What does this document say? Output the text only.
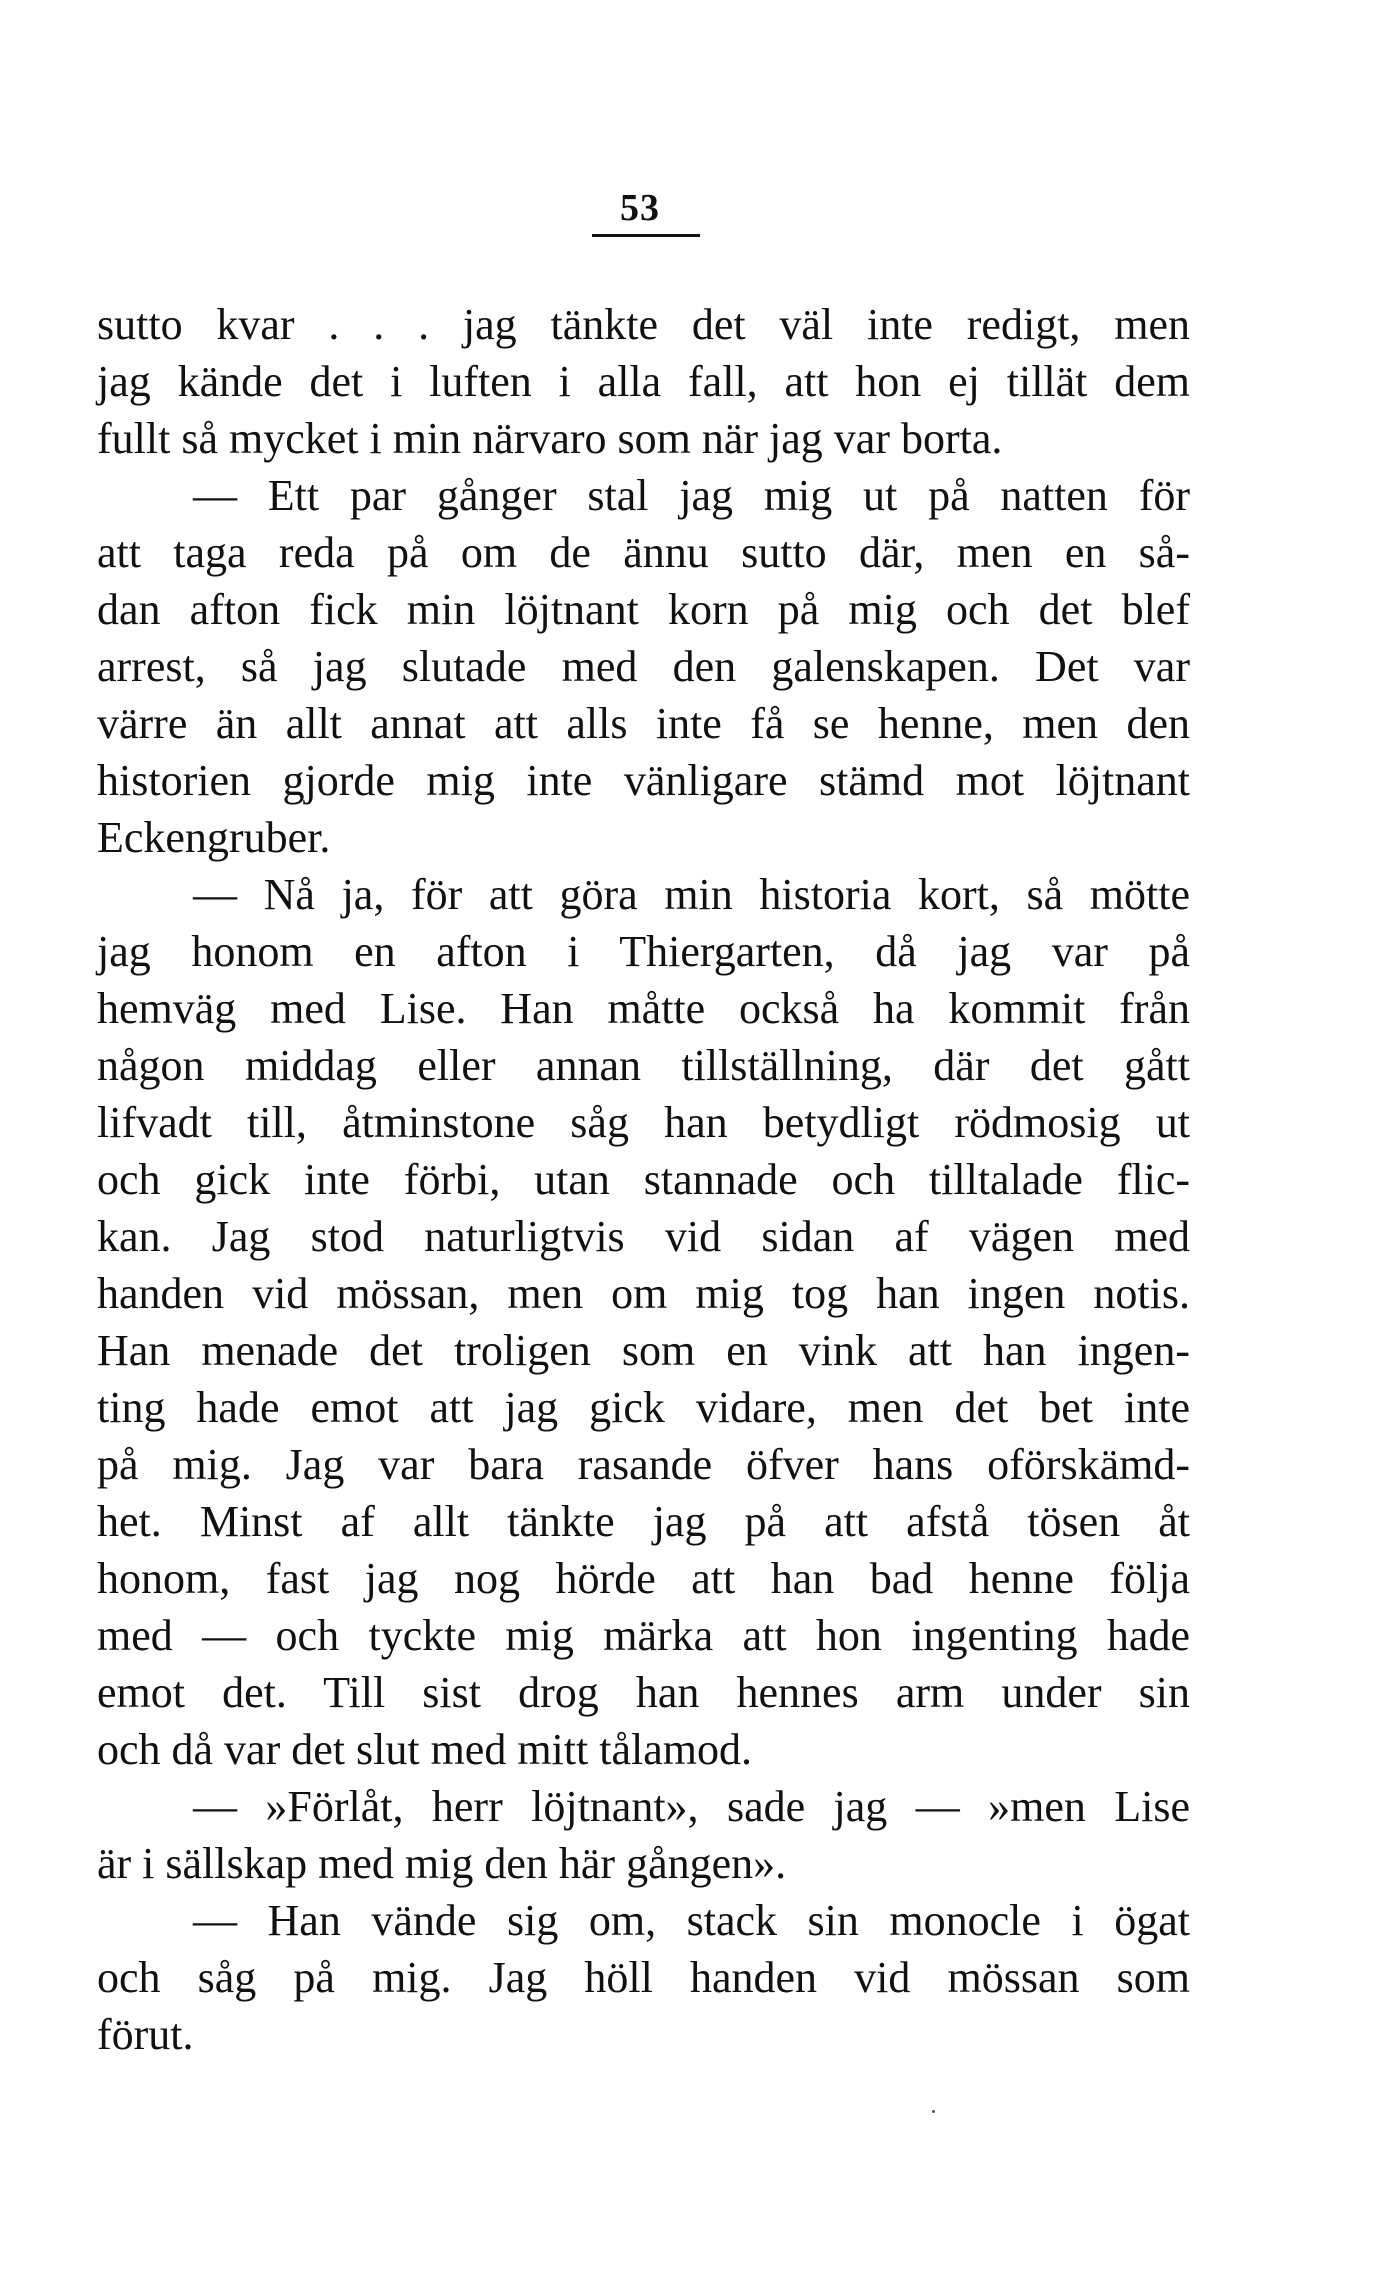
53
sutto kvar . . . jag tänkte det väl inte redigt, men
jag kände det i luften i alla fall, att hon ej tillät dem
fullt så mycket i min närvaro som när jag var borta.
— Ett par gånger stal jag mig ut på natten för
att taga reda på om de ännu sutto där, men en så-
dan afton fick min löjtnant korn på mig och det blef
arrest, så jag slutade med den galenskapen. Det var
värre än allt annat att alls inte få se henne, men den
historien gjorde mig inte vänligare stämd mot löjtnant
Eckengruber.
— Nå ja, för att göra min historia kort, så mötte
jag honom en afton i Thiergarten, då jag var på
hemväg med Lise. Han måtte också ha kommit från
någon middag eller annan tillställning, där det gått
lifvadt till, åtminstone såg han betydligt rödmosig ut
och gick inte förbi, utan stannade och tilltalade flic-
kan. Jag stod naturligtvis vid sidan af vägen med
handen vid mössan, men om mig tog han ingen notis.
Han menade det troligen som en vink att han ingen-
ting hade emot att jag gick vidare, men det bet inte
på mig. Jag var bara rasande öfver hans oförskämd-
het. Minst af allt tänkte jag på att afstå tösen åt
honom, fast jag nog hörde att han bad henne följa
med — och tyckte mig märka att hon ingenting hade
emot det. Till sist drog han hennes arm under sin
och då var det slut med mitt tålamod.
— »Förlåt, herr löjtnant», sade jag — »men Lise
är i sällskap med mig den här gången».
— Han vände sig om, stack sin monocle i ögat
och såg på mig. Jag höll handen vid mössan som
förut.
